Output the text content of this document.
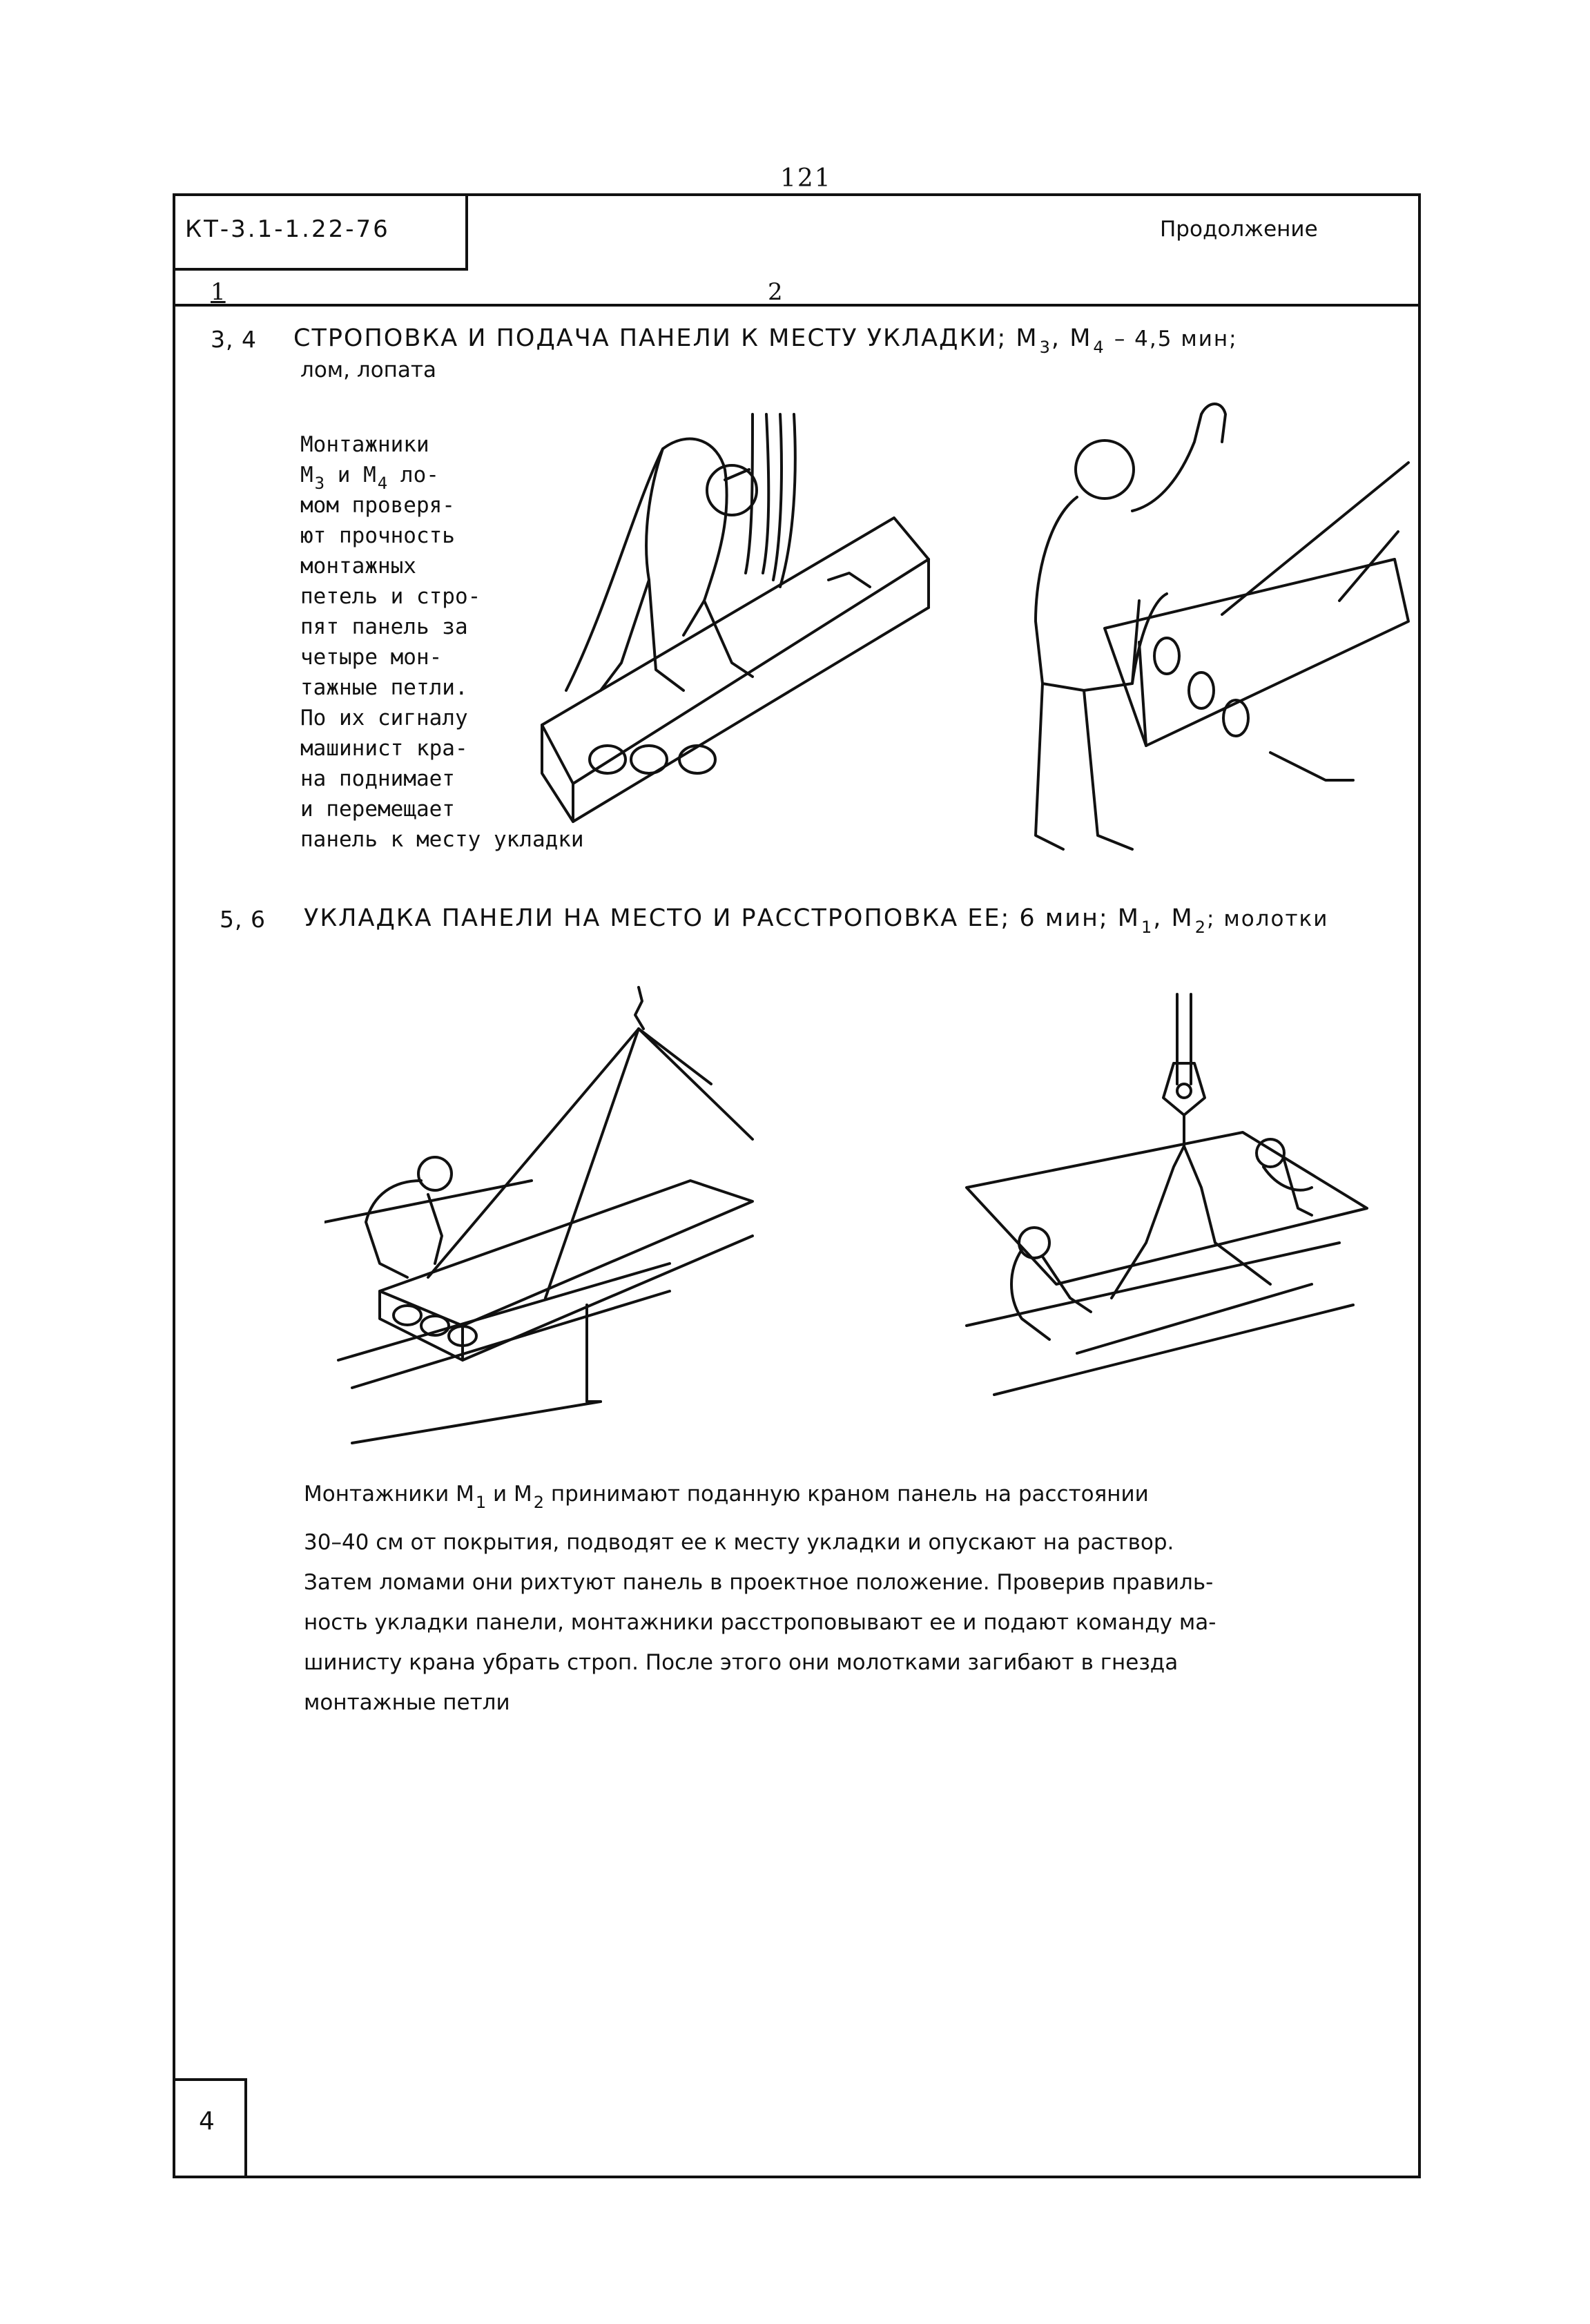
121
КТ-3.1-1.22-76	Продолжение
1	2
3, 4 СТРОПОВКА И ПОДАЧА ПАНЕЛИ К МЕСТУ УКЛАДКИ; $М_3$, $М_4 - 4,5$ мин;
лом, лопата
Монтажники
$М_3$ и $М_4$ ло-
мом проверя-
ют прочность
монтажных
петель и стро-
пят панель за
четыре мон-
тажные петли.
По их сигналу
машинист кра-
на поднимает
и перемещает
панель к месту укладки
5, 6 УКЛАДКА ПАНЕЛИ НА МЕСТО И РАССТРОПОВКА ЕЕ; 6 мин; $М_1$, $М_2$; молотки

Монтажники $М_1$ и $М_2$ принимают поданную краном панель на расстоянии

30–40 см от покрытия, подводят ее к месту укладки и опускают на раствор.

Затем ломами они рихтуют панель в проектное положение. Проверив правиль-

ность укладки панели, монтажники расстроповывают ее и подают команду ма-

шинисту крана убрать строп. После этого они молотками загибают в гнезда

монтажные петли

4
